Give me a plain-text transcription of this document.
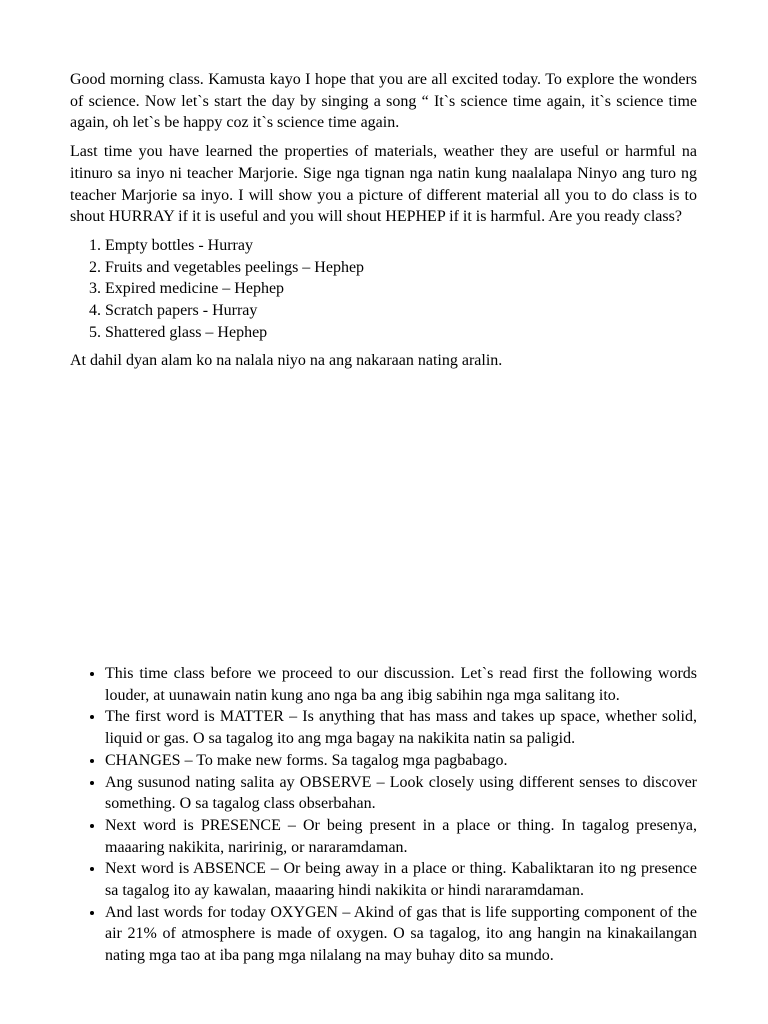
Good morning class. Kamusta kayo I hope that you are all excited today. To explore the wonders of science. Now let`s start the day by singing a song “ It`s science time again, it`s science time again, oh let`s be happy coz it`s science time again.

Last time you have learned the properties of materials, weather they are useful or harmful na itinuro sa inyo ni teacher Marjorie. Sige nga tignan nga natin kung naalalapa Ninyo ang turo ng teacher Marjorie sa inyo. I will show you a picture of different material all you to do class is to shout HURRAY if it is useful and you will shout HEPHEP if it is harmful. Are you ready class?

1. Empty bottles - Hurray
2. Fruits and vegetables peelings – Hephep
3. Expired medicine – Hephep
4. Scratch papers - Hurray
5. Shattered glass – Hephep

At dahil dyan alam ko na nalala niyo na ang nakaraan nating aralin.

• This time class before we proceed to our discussion. Let`s read first the following words louder, at uunawain natin kung ano nga ba ang ibig sabihin nga mga salitang ito.
• The first word is MATTER – Is anything that has mass and takes up space, whether solid, liquid or gas. O sa tagalog ito ang mga bagay na nakikita natin sa paligid.
• CHANGES – To make new forms. Sa tagalog mga pagbabago.
• Ang susunod nating salita ay OBSERVE – Look closely using different senses to discover something. O sa tagalog class obserbahan.
• Next word is PRESENCE – Or being present in a place or thing. In tagalog presenya, maaaring nakikita, naririnig, or nararamdaman.
• Next word is ABSENCE – Or being away in a place or thing. Kabaliktaran ito ng presence sa tagalog ito ay kawalan, maaaring hindi nakikita or hindi nararamdaman.
• And last words for today OXYGEN – Akind of gas that is life supporting component of the air 21% of atmosphere is made of oxygen. O sa tagalog, ito ang hangin na kinakailangan nating mga tao at iba pang mga nilalang na may buhay dito sa mundo.
